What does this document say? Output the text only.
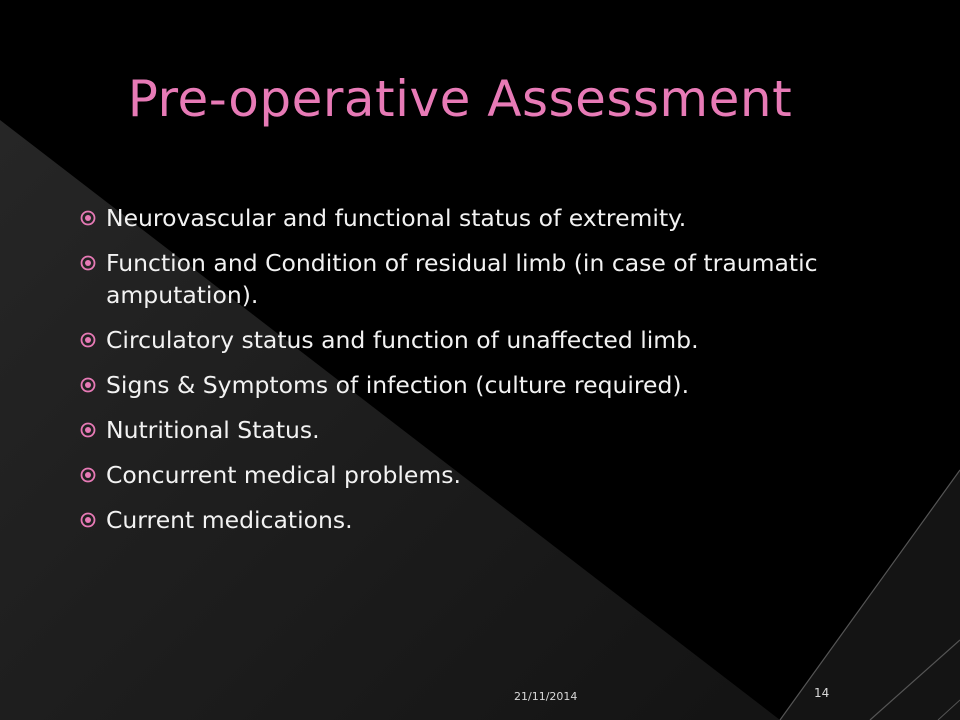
Pre-operative Assessment
Neurovascular and functional status of extremity.
Function and Condition of residual limb (in case of traumatic amputation).
Circulatory status and function of unaffected limb.
Signs & Symptoms of infection (culture required).
Nutritional Status.
Concurrent medical problems.
Current medications.
21/11/2014	14
